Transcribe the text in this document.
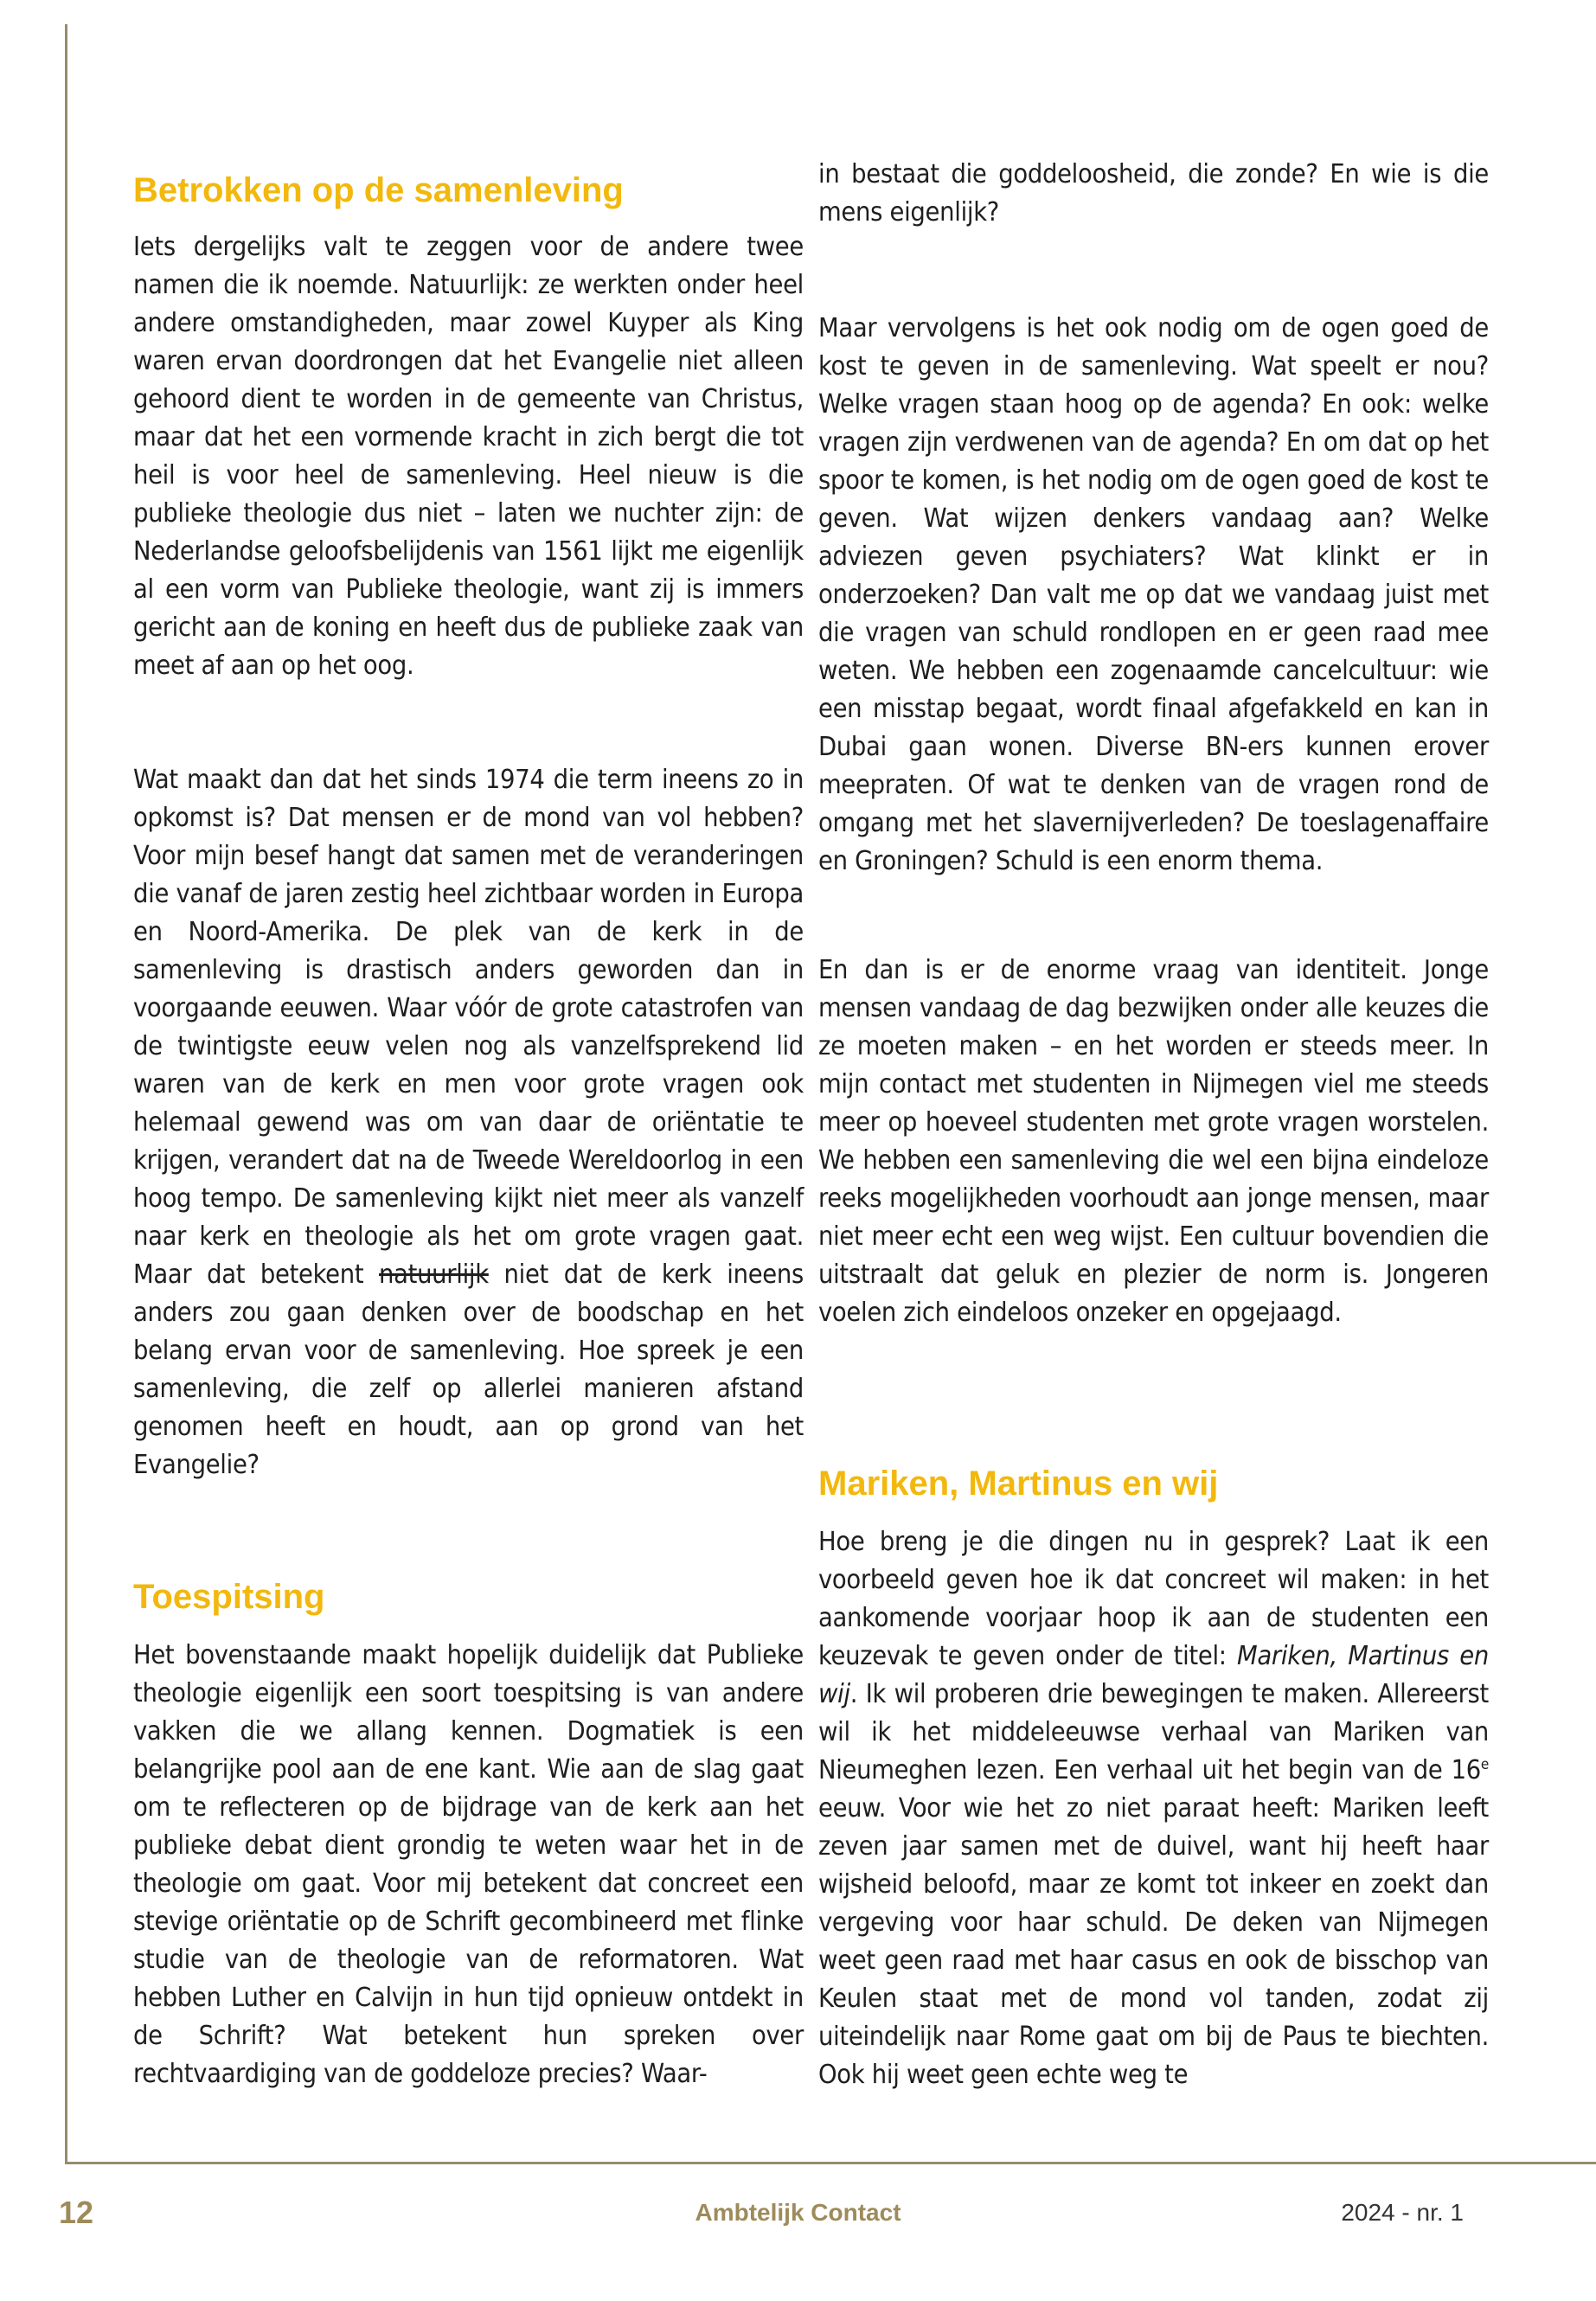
Betrokken op de samenleving

Iets dergelijks valt te zeggen voor de andere twee namen die ik noemde. Natuurlijk: ze werkten onder heel andere omstandigheden, maar zowel Kuyper als King waren ervan doordrongen dat het Evangelie niet alleen gehoord dient te worden in de gemeente van Christus, maar dat het een vormende kracht in zich bergt die tot heil is voor heel de samenleving. Heel nieuw is die publieke theologie dus niet – laten we nuchter zijn: de Nederlandse geloofsbelijdenis van 1561 lijkt me eigenlijk al een vorm van Publieke theologie, want zij is immers gericht aan de koning en heeft dus de publieke zaak van meet af aan op het oog.

Wat maakt dan dat het sinds 1974 die term ineens zo in opkomst is? Dat mensen er de mond van vol hebben? Voor mijn besef hangt dat samen met de veranderingen die vanaf de jaren zestig heel zichtbaar worden in Europa en Noord-Amerika. De plek van de kerk in de samenleving is drastisch anders geworden dan in voorgaande eeuwen. Waar vóór de grote catastrofen van de twintigste eeuw velen nog als vanzelfsprekend lid waren van de kerk en men voor grote vragen ook helemaal gewend was om van daar de oriëntatie te krijgen, verandert dat na de Tweede Wereldoorlog in een hoog tempo. De samenleving kijkt niet meer als vanzelf naar kerk en theologie als het om grote vragen gaat. Maar dat betekent natuurlijk niet dat de kerk ineens anders zou gaan denken over de boodschap en het belang ervan voor de samenleving. Hoe spreek je een samenleving, die zelf op allerlei manieren afstand genomen heeft en houdt, aan op grond van het Evangelie?

Toespitsing

Het bovenstaande maakt hopelijk duidelijk dat Publieke theologie eigenlijk een soort toespitsing is van andere vakken die we allang kennen. Dogmatiek is een belangrijke pool aan de ene kant. Wie aan de slag gaat om te reflecteren op de bijdrage van de kerk aan het publieke debat dient grondig te weten waar het in de theologie om gaat. Voor mij betekent dat concreet een stevige oriëntatie op de Schrift gecombineerd met flinke studie van de theologie van de reformatoren. Wat hebben Luther en Calvijn in hun tijd opnieuw ontdekt in de Schrift? Wat betekent hun spreken over rechtvaardiging van de goddeloze precies? Waar-

in bestaat die goddeloosheid, die zonde? En wie is die mens eigenlijk?

Maar vervolgens is het ook nodig om de ogen goed de kost te geven in de samenleving. Wat speelt er nou? Welke vragen staan hoog op de agenda? En ook: welke vragen zijn verdwenen van de agenda? En om dat op het spoor te komen, is het nodig om de ogen goed de kost te geven. Wat wijzen denkers vandaag aan? Welke adviezen geven psychiaters? Wat klinkt er in onderzoeken? Dan valt me op dat we vandaag juist met die vragen van schuld rondlopen en er geen raad mee weten. We hebben een zogenaamde cancelcultuur: wie een misstap begaat, wordt finaal afgefakkeld en kan in Dubai gaan wonen. Diverse BN-ers kunnen erover meepraten. Of wat te denken van de vragen rond de omgang met het slavernijverleden? De toeslagenaffaire en Groningen? Schuld is een enorm thema.

En dan is er de enorme vraag van identiteit. Jonge mensen vandaag de dag bezwijken onder alle keuzes die ze moeten maken – en het worden er steeds meer. In mijn contact met studenten in Nijmegen viel me steeds meer op hoeveel studenten met grote vragen worstelen. We hebben een samenleving die wel een bijna eindeloze reeks mogelijkheden voorhoudt aan jonge mensen, maar niet meer echt een weg wijst. Een cultuur bovendien die uitstraalt dat geluk en plezier de norm is. Jongeren voelen zich eindeloos onzeker en opgejaagd.

Mariken, Martinus en wij

Hoe breng je die dingen nu in gesprek? Laat ik een voorbeeld geven hoe ik dat concreet wil maken: in het aankomende voorjaar hoop ik aan de studenten een keuzevak te geven onder de titel: Mariken, Martinus en wij. Ik wil proberen drie bewegingen te maken. Allereerst wil ik het middeleeuwse verhaal van Mariken van Nieumeghen lezen. Een verhaal uit het begin van de 16e eeuw. Voor wie het zo niet paraat heeft: Mariken leeft zeven jaar samen met de duivel, want hij heeft haar wijsheid beloofd, maar ze komt tot inkeer en zoekt dan vergeving voor haar schuld. De deken van Nijmegen weet geen raad met haar casus en ook de bisschop van Keulen staat met de mond vol tanden, zodat zij uiteindelijk naar Rome gaat om bij de Paus te biechten. Ook hij weet geen echte weg te

12	Ambtelijk Contact	2024 - nr. 1
